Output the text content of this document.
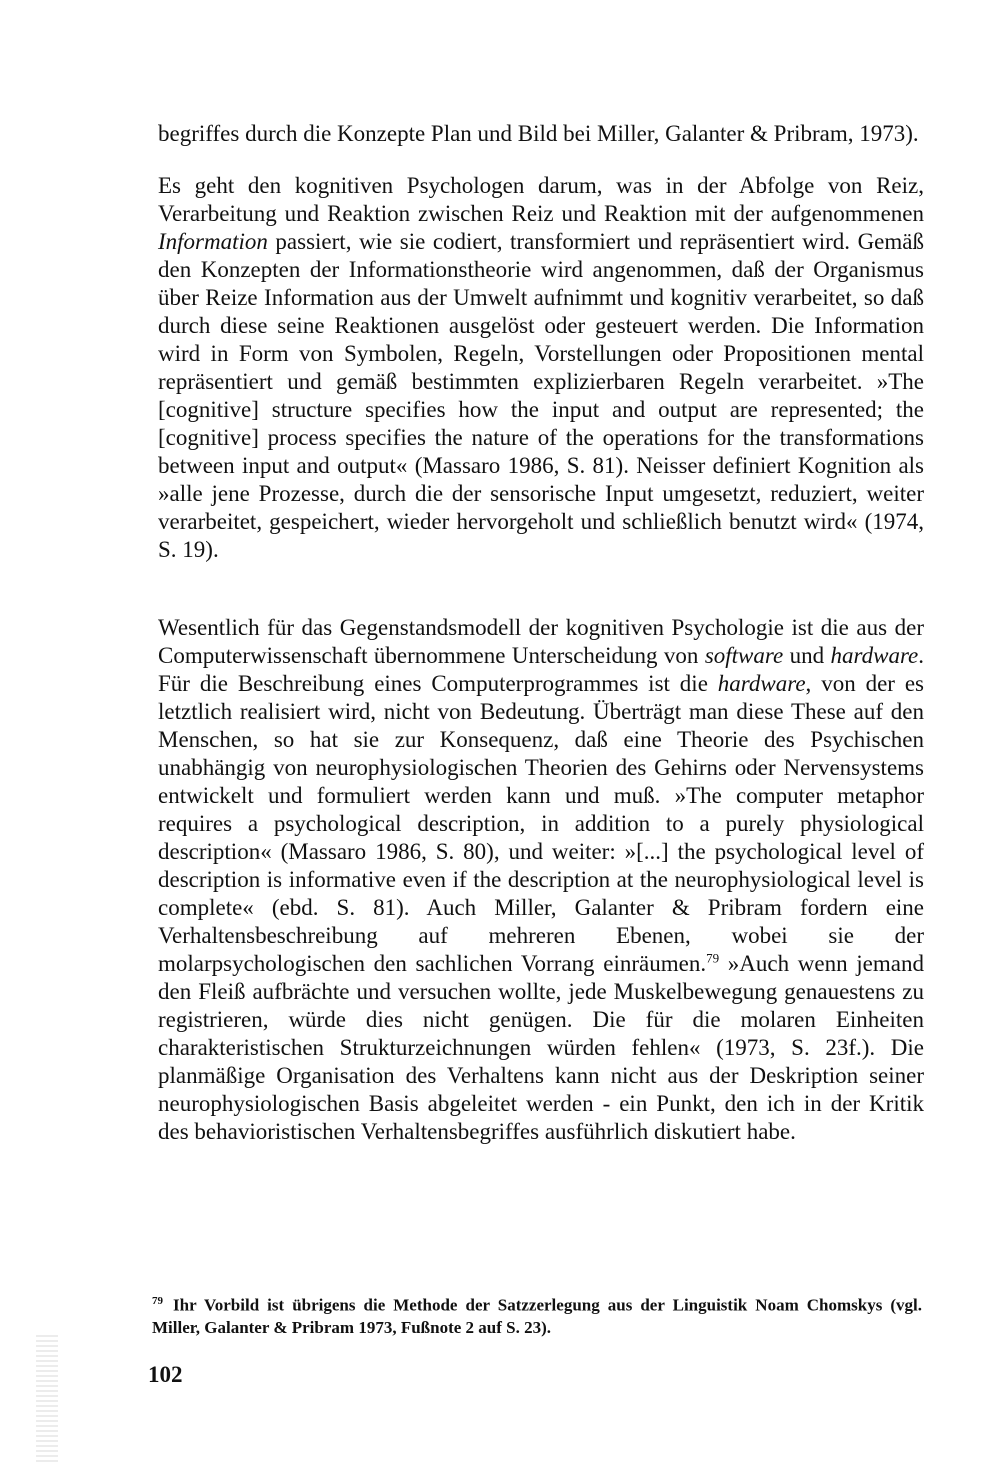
begriffes durch die Konzepte Plan und Bild bei Miller, Galanter & Pribram, 1973).

Es geht den kognitiven Psychologen darum, was in der Abfolge von Reiz, Verarbeitung und Reaktion zwischen Reiz und Reaktion mit der aufgenommenen Information passiert, wie sie codiert, transformiert und repräsentiert wird. Gemäß den Konzepten der Informationstheorie wird angenommen, daß der Organismus über Reize Information aus der Umwelt aufnimmt und kognitiv verarbeitet, so daß durch diese seine Reaktionen ausgelöst oder gesteuert werden. Die Information wird in Form von Symbolen, Regeln, Vorstellungen oder Propositionen mental repräsentiert und gemäß bestimmten explizierbaren Regeln verarbeitet. »The [cognitive] structure specifies how the input and output are represented; the [cognitive] process specifies the nature of the operations for the transformations between input and output« (Massaro 1986, S. 81). Neisser definiert Kognition als »alle jene Prozesse, durch die der sensorische Input umgesetzt, reduziert, weiter verarbeitet, gespeichert, wieder hervorgeholt und schließlich benutzt wird« (1974, S. 19).

Wesentlich für das Gegenstandsmodell der kognitiven Psychologie ist die aus der Computerwissenschaft übernommene Unterscheidung von software und hardware. Für die Beschreibung eines Computerprogrammes ist die hardware, von der es letztlich realisiert wird, nicht von Bedeutung. Überträgt man diese These auf den Menschen, so hat sie zur Konsequenz, daß eine Theorie des Psychischen unabhängig von neurophysiologischen Theorien des Gehirns oder Nervensystems entwickelt und formuliert werden kann und muß. »The computer metaphor requires a psychological description, in addition to a purely physiological description« (Massaro 1986, S. 80), und weiter: »[...] the psychological level of description is informative even if the description at the neurophysiological level is complete« (ebd. S. 81). Auch Miller, Galanter & Pribram fordern eine Verhaltensbeschreibung auf mehreren Ebenen, wobei sie der molarpsychologischen den sachlichen Vorrang einräumen.$^{79}$ »Auch wenn jemand den Fleiß aufbrächte und versuchen wollte, jede Muskelbewegung genauestens zu registrieren, würde dies nicht genügen. Die für die molaren Einheiten charakteristischen Strukturzeichnungen würden fehlen« (1973, S. 23f.). Die planmäßige Organisation des Verhaltens kann nicht aus der Deskription seiner neurophysiologischen Basis abgeleitet werden - ein Punkt, den ich in der Kritik des behavioristischen Verhaltensbegriffes ausführlich diskutiert habe.

$^{79}$ Ihr Vorbild ist übrigens die Methode der Satzzerlegung aus der Linguistik Noam Chomskys (vgl. Miller, Galanter & Pribram 1973, Fußnote 2 auf S. 23).
102
